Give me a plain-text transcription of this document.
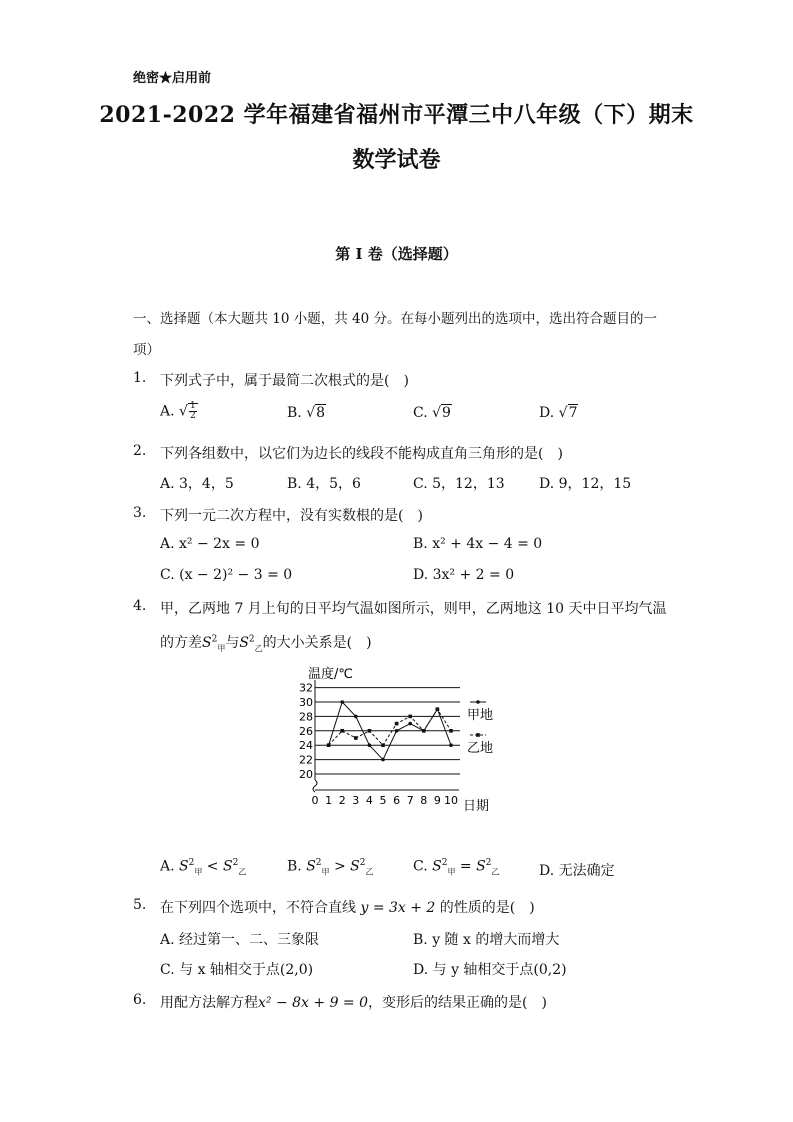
绝密★启用前
2021-2022 学年福建省福州市平潭三中八年级（下）期末
数学试卷
第 I 卷（选择题）
一、选择题（本大题共 10 小题，共 40 分。在每小题列出的选项中，选出符合题目的一项）
1. 下列式子中，属于最简二次根式的是(　)
A. √ $\frac{1}{2}$	B. √8	C. √9	D. √7
2. 下列各组数中，以它们为边长的线段不能构成直角三角形的是(　)
A. 3，4，5	B. 4，5，6	C. 5，12，13 D. 9，12，15
3. 下列一元二次方程中，没有实数根的是(　)
A. x² − 2x = 0	B. x² + 4x − 4 = 0
C. (x − 2)² − 3 = 0	D. 3x² + 2 = 0
4. 甲，乙两地 7 月上旬的日平均气温如图所示，则甲，乙两地这 10 天中日平均气温
的方差$S^2_甲$与$S^2_乙$的大小关系是(　)
20
22
24
26
28
30
32
0 1 2 3 4 5 6 7 8 9 10
甲地
乙地
温度/℃
日期
A. $S^2_甲 < S^2_乙$	B. $S^2_甲 > S^2_乙$	C. $S^2_甲 = S^2_乙$	D. 无法确定
5. 在下列四个选项中，不符合直线 y = 3x + 2 的性质的是(　)
A. 经过第一、二、三象限	B. y 随 x 的增大而增大
C. 与 x 轴相交于点(2,0)	D. 与 y 轴相交于点(0,2)
6. 用配方法解方程x² − 8x + 9 = 0，变形后的结果正确的是(　)
